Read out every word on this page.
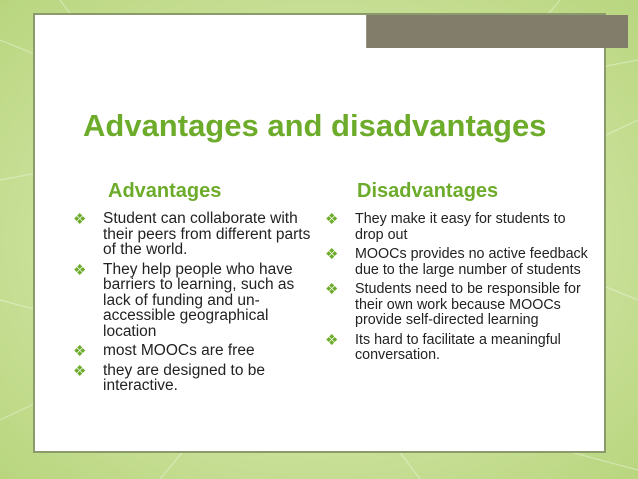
Advantages and disadvantages
Advantages	Disadvantages
❖ Student can collaborate with their peers from different parts of the world.
❖ They help people who have barriers to learning, such as lack of funding and un-accessible geographical location
❖ most MOOCs are free
❖ they are designed to be interactive.
❖ They make it easy for students to drop out
❖ MOOCs provides no active feedback due to the large number of students
❖ Students need to be responsible for their own work because MOOCs provide self-directed learning
❖ Its hard to facilitate a meaningful conversation.
